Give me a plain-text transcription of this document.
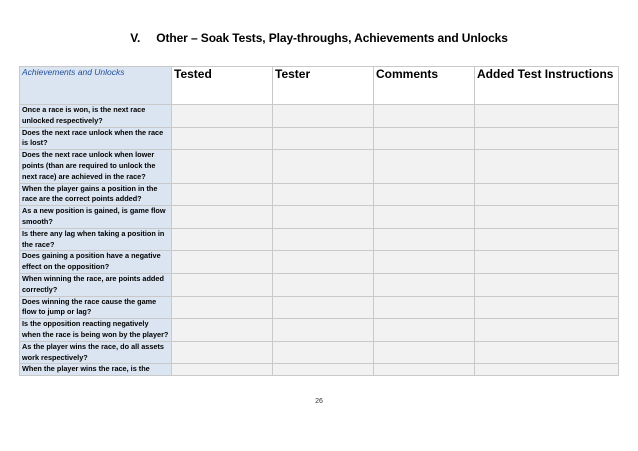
V. Other – Soak Tests, Play-throughs, Achievements and Unlocks
Achievements and Unlocks	Tested	Tester	Comments	Added Test Instructions
Once a race is won, is the next race unlocked respectively?				
Does the next race unlock when the race is lost?				
Does the next race unlock when lower points (than are required to unlock the next race) are achieved in the race?				
When the player gains a position in the race are the correct points added?				
As a new position is gained, is game flow smooth?				
Is there any lag when taking a position in the race?				
Does gaining a position have a negative effect on the opposition?				
When winning the race, are points added correctly?				
Does winning the race cause the game flow to jump or lag?				
Is the opposition reacting negatively when the race is being won by the player?				
As the player wins the race, do all assets work respectively?				
When the player wins the race, is the				
26
